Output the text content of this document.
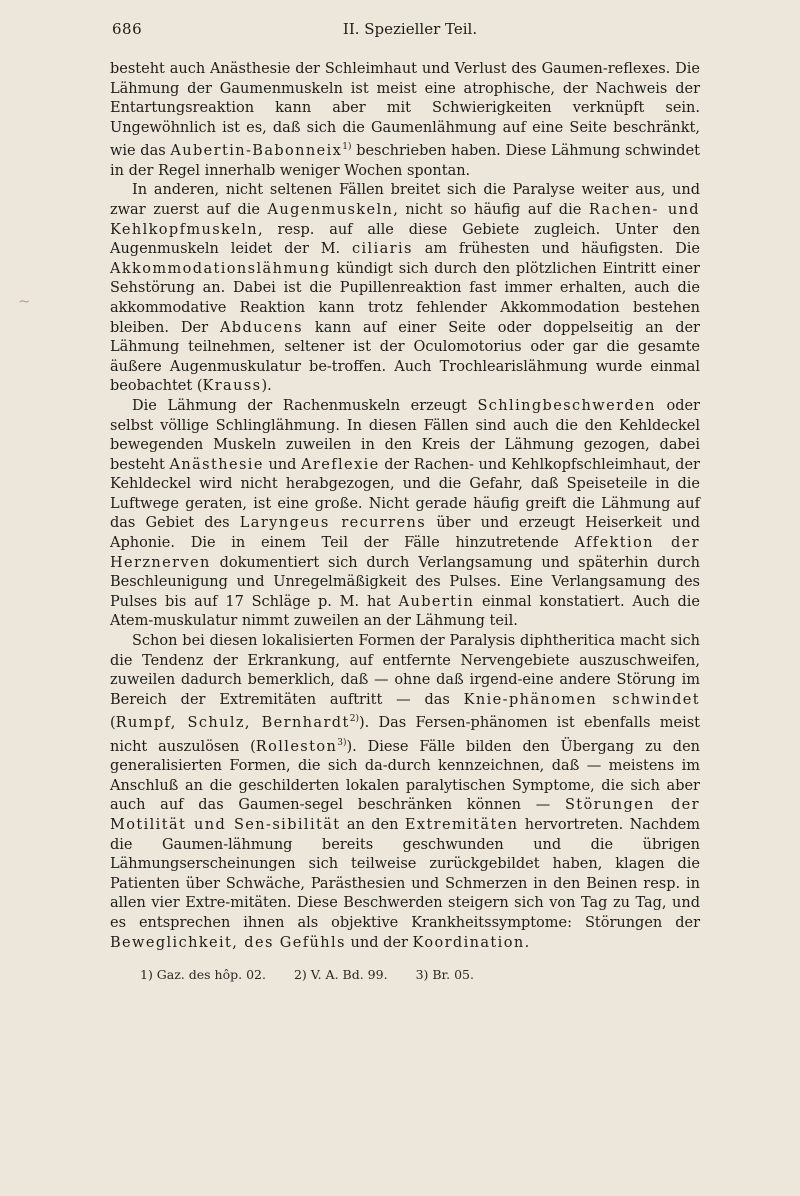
686	II. Spezieller Teil.
⁠~

besteht auch Anästhesie der Schleimhaut und Verlust des Gaumen-reflexes. Die Lähmung der Gaumenmuskeln ist meist eine atrophische, der Nachweis der Entartungsreaktion kann aber mit Schwierigkeiten verknüpft sein. Ungewöhnlich ist es, daß sich die Gaumenlähmung auf eine Seite beschränkt, wie das Aubertin-Babonneix$^{1)}$ beschrieben haben. Diese Lähmung schwindet in der Regel innerhalb weniger Wochen spontan.

In anderen, nicht seltenen Fällen breitet sich die Paralyse weiter aus, und zwar zuerst auf die Augenmuskeln, nicht so häufig auf die Rachen- und Kehlkopfmuskeln, resp. auf alle diese Gebiete zugleich. Unter den Augenmuskeln leidet der M. ciliaris am frühesten und häufigsten. Die Akkommodationslähmung kündigt sich durch den plötzlichen Eintritt einer Sehstörung an. Dabei ist die Pupillenreaktion fast immer erhalten, auch die akkommodative Reaktion kann trotz fehlender Akkommodation bestehen bleiben. Der Abducens kann auf einer Seite oder doppelseitig an der Lähmung teilnehmen, seltener ist der Oculomotorius oder gar die gesamte äußere Augenmuskulatur be-troffen. Auch Trochlearislähmung wurde einmal beobachtet (Krauss).

Die Lähmung der Rachenmuskeln erzeugt Schlingbeschwerden oder selbst völlige Schlinglähmung. In diesen Fällen sind auch die den Kehldeckel bewegenden Muskeln zuweilen in den Kreis der Lähmung gezogen, dabei besteht Anästhesie und Areflexie der Rachen- und Kehlkopfschleimhaut, der Kehldeckel wird nicht herabgezogen, und die Gefahr, daß Speiseteile in die Luftwege geraten, ist eine große. Nicht gerade häufig greift die Lähmung auf das Gebiet des Laryngeus recurrens über und erzeugt Heiserkeit und Aphonie. Die in einem Teil der Fälle hinzutretende Affektion der Herznerven dokumentiert sich durch Verlangsamung und späterhin durch Beschleunigung und Unregelmäßigkeit des Pulses. Eine Verlangsamung des Pulses bis auf 17 Schläge p. M. hat Aubertin einmal konstatiert. Auch die Atem-muskulatur nimmt zuweilen an der Lähmung teil.

Schon bei diesen lokalisierten Formen der Paralysis diphtheritica macht sich die Tendenz der Erkrankung, auf entfernte Nervengebiete auszuschweifen, zuweilen dadurch bemerklich, daß — ohne daß irgend-eine andere Störung im Bereich der Extremitäten auftritt — das Knie-phänomen schwindet (Rumpf, Schulz, Bernhardt$^{2)}$). Das Fersen-phänomen ist ebenfalls meist nicht auszulösen (Rolleston$^{3)}$). Diese Fälle bilden den Übergang zu den generalisierten Formen, die sich da-durch kennzeichnen, daß — meistens im Anschluß an die geschilderten lokalen paralytischen Symptome, die sich aber auch auf das Gaumen-segel beschränken können — Störungen der Motilität und Sen-sibilität an den Extremitäten hervortreten. Nachdem die Gaumen-lähmung bereits geschwunden und die übrigen Lähmungserscheinungen sich teilweise zurückgebildet haben, klagen die Patienten über Schwäche, Parästhesien und Schmerzen in den Beinen resp. in allen vier Extre-mitäten. Diese Beschwerden steigern sich von Tag zu Tag, und es entsprechen ihnen als objektive Krankheitssymptome: Störungen der Beweglichkeit, des Gefühls und der Koordination.

1) Gaz. des hôp. 02. 2) V. A. Bd. 99. 3) Br. 05.
